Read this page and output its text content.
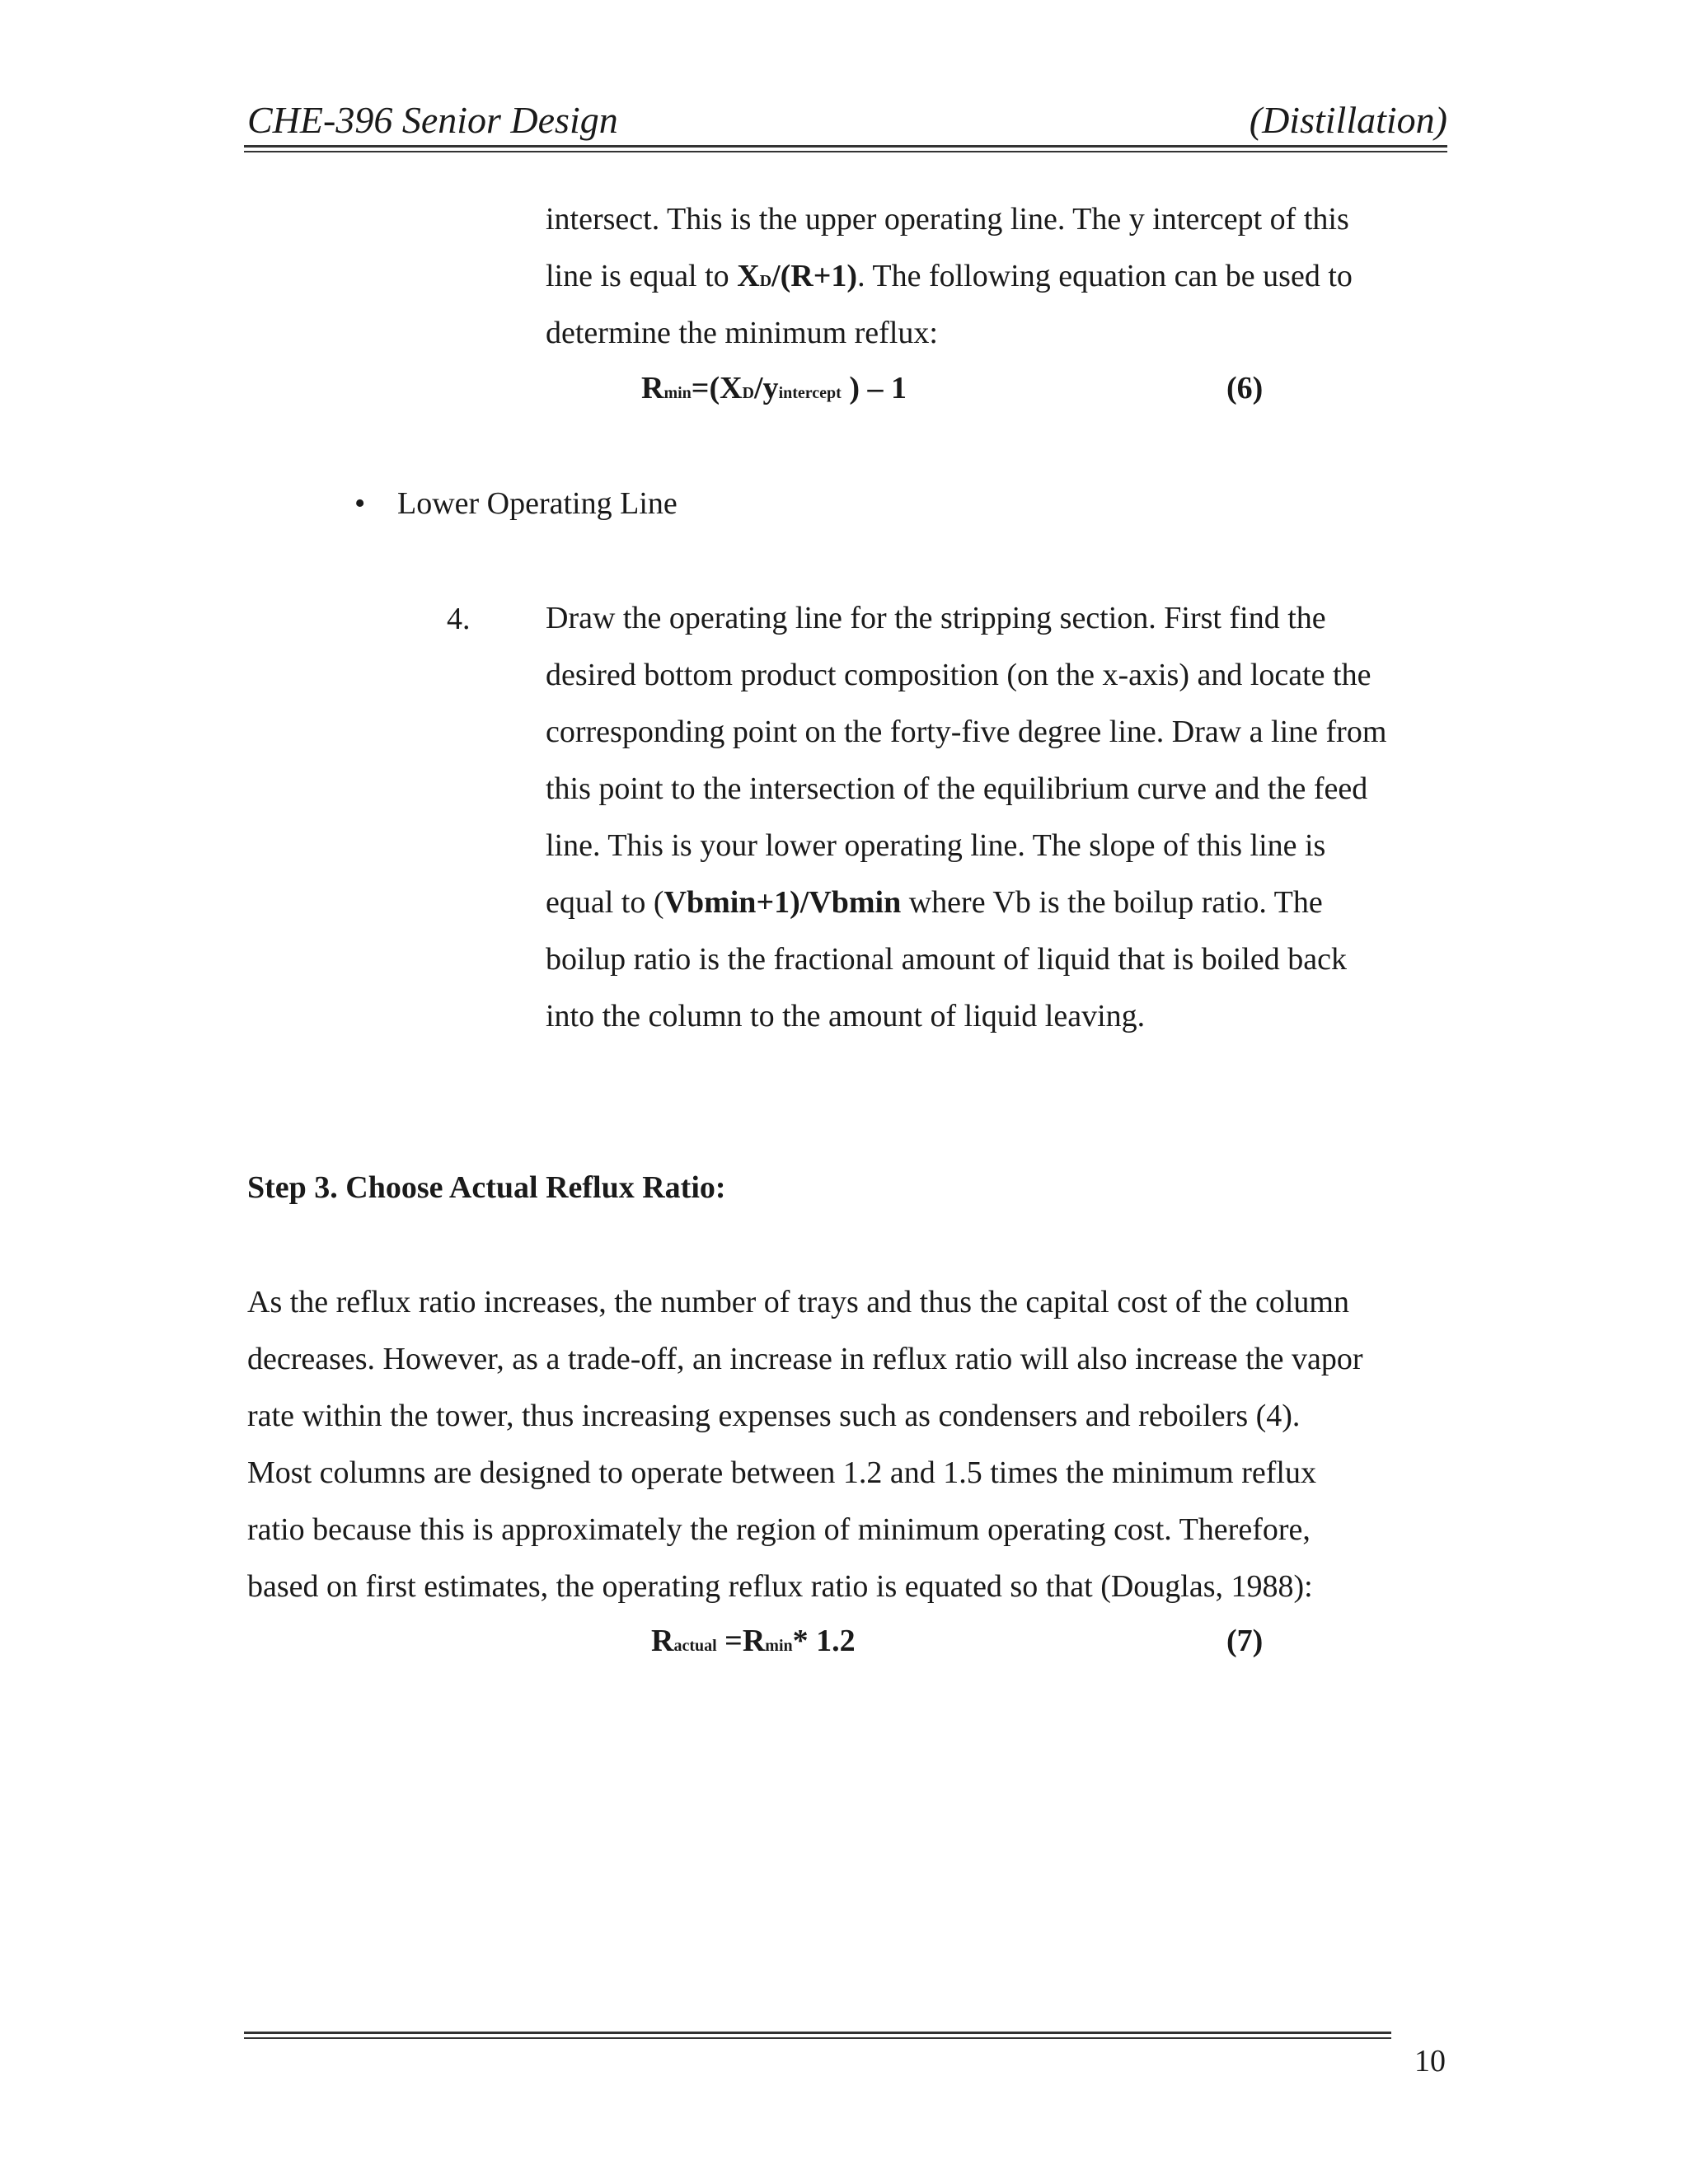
CHE-396 Senior Design	(Distillation)
intersect. This is the upper operating line. The y intercept of this
line is equal to XD/(R+1). The following equation can be used to
determine the minimum reflux:
Rmin=(XD/yintercept ) – 1	(6)
• Lower Operating Line
4. Draw the operating line for the stripping section. First find the
desired bottom product composition (on the x-axis) and locate the
corresponding point on the forty-five degree line. Draw a line from
this point to the intersection of the equilibrium curve and the feed
line. This is your lower operating line. The slope of this line is
equal to (Vbmin+1)/Vbmin where Vb is the boilup ratio. The
boilup ratio is the fractional amount of liquid that is boiled back
into the column to the amount of liquid leaving.
Step 3. Choose Actual Reflux Ratio:
As the reflux ratio increases, the number of trays and thus the capital cost of the column
decreases. However, as a trade-off, an increase in reflux ratio will also increase the vapor
rate within the tower, thus increasing expenses such as condensers and reboilers (4).
Most columns are designed to operate between 1.2 and 1.5 times the minimum reflux
ratio because this is approximately the region of minimum operating cost. Therefore,
based on first estimates, the operating reflux ratio is equated so that (Douglas, 1988):
Ractual =Rmin* 1.2	(7)
10
